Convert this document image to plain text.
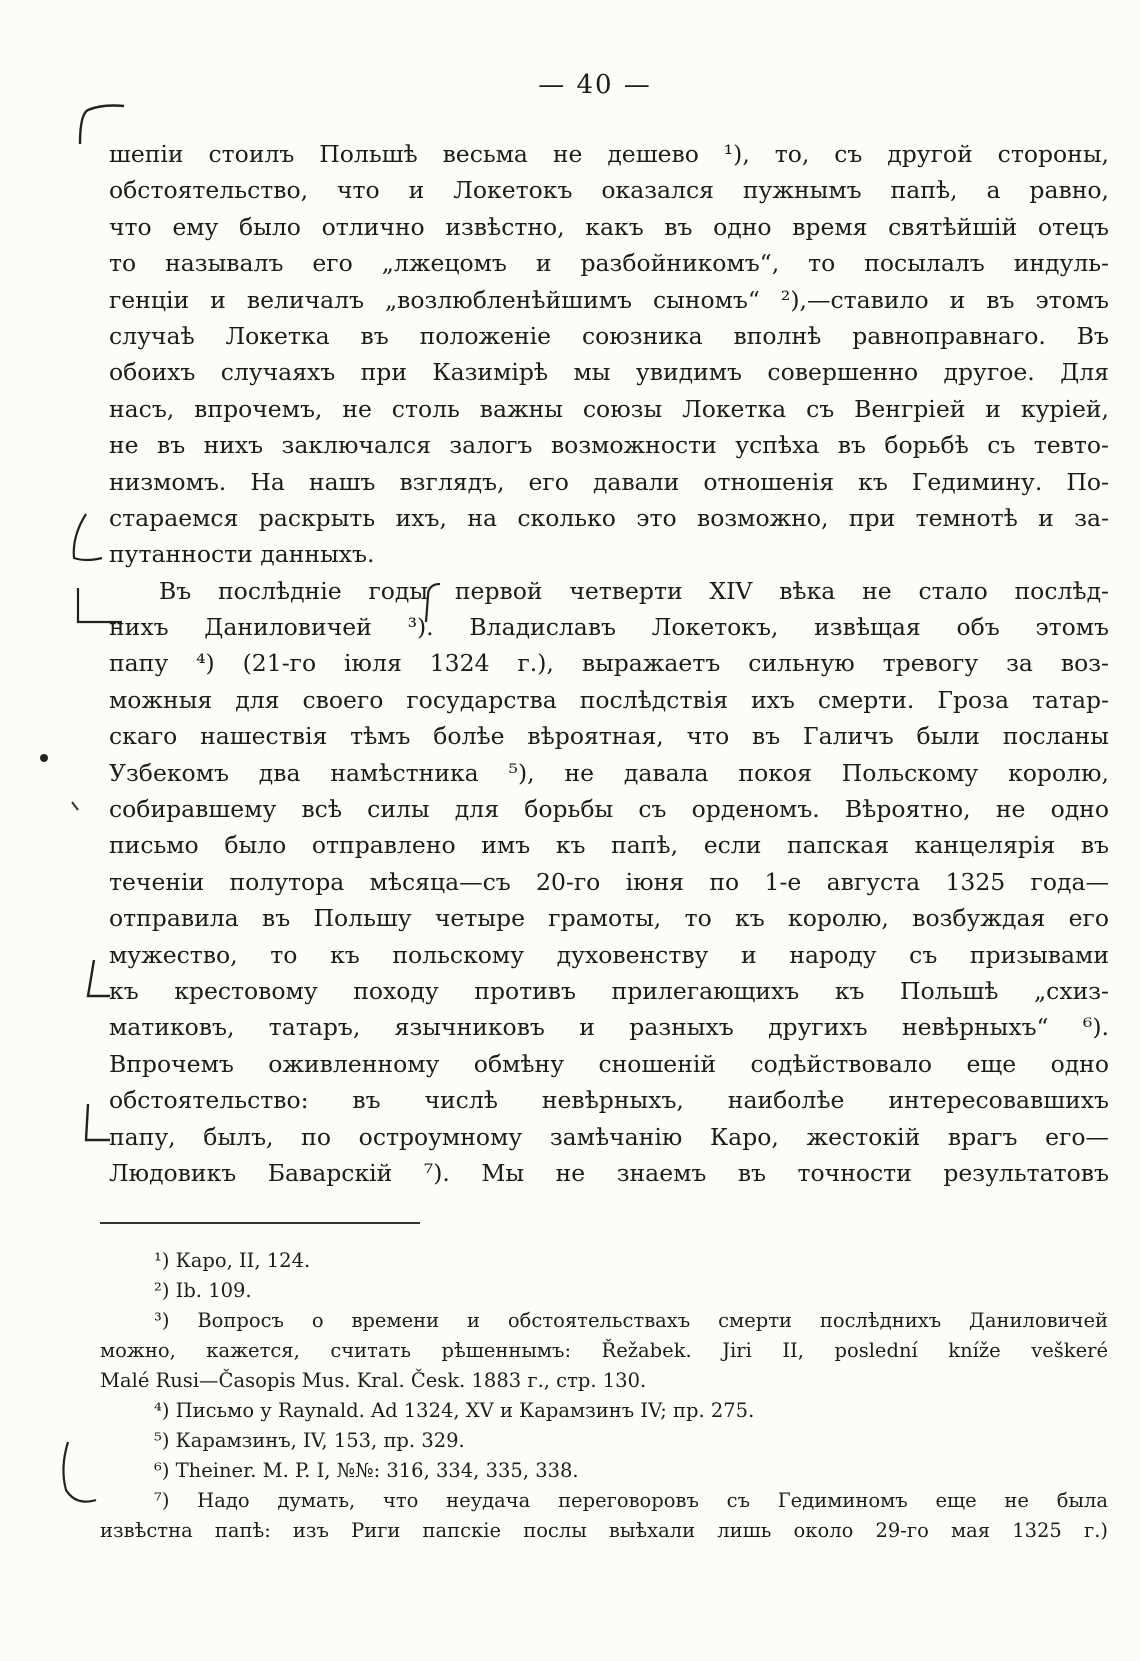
— 40 —
шепіи стоилъ Польшѣ весьма не дешево ¹), то, съ другой стороны,
обстоятельство, что и Локетокъ оказался пужнымъ папѣ, а равно,
что ему было отлично извѣстно, какъ въ одно время святѣйшій отецъ
то называлъ его „лжецомъ и разбойникомъ“, то посылалъ индуль-
генціи и величалъ „возлюбленѣйшимъ сыномъ“ ²),—ставило и въ этомъ
случаѣ Локетка въ положеніе союзника вполнѣ равноправнаго. Въ
обоихъ случаяхъ при Казимірѣ мы увидимъ совершенно другое. Для
насъ, впрочемъ, не столь важны союзы Локетка съ Венгріей и куріей,
не въ нихъ заключался залогъ возможности успѣха въ борьбѣ съ тевто-
низмомъ. На нашъ взглядъ, его давали отношенія къ Гедимину. По-
стараемся раскрыть ихъ, на сколько это возможно, при темнотѣ и за-
путанности данныхъ.
Въ послѣдніе годы первой четверти XIV вѣка не стало послѣд-
нихъ Даниловичей ³). Владиславъ Локетокъ, извѣщая объ этомъ
папу ⁴) (21-го іюля 1324 г.), выражаетъ сильную тревогу за воз-
можныя для своего государства послѣдствія ихъ смерти. Гроза татар-
скаго нашествія тѣмъ болѣе вѣроятная, что въ Галичъ были посланы
Узбекомъ два намѣстника ⁵), не давала покоя Польскому королю,
собиравшему всѣ силы для борьбы съ орденомъ. Вѣроятно, не одно
письмо было отправлено имъ къ папѣ, если папская канцелярія въ
теченіи полутора мѣсяца—съ 20-го іюня по 1-е августа 1325 года—
отправила въ Польшу четыре грамоты, то къ королю, возбуждая его
мужество, то къ польскому духовенству и народу съ призывами
къ крестовому походу противъ прилегающихъ къ Польшѣ „схиз-
матиковъ, татаръ, язычниковъ и разныхъ другихъ невѣрныхъ“ ⁶).
Впрочемъ оживленному обмѣну сношеній содѣйствовало еще одно
обстоятельство: въ числѣ невѣрныхъ, наиболѣе интересовавшихъ
папу, былъ, по остроумному замѣчанію Каро, жестокій врагъ его—
Людовикъ Баварскій ⁷). Мы не знаемъ въ точности результатовъ
¹) Каро, II, 124.
²) Ib. 109.
³) Вопросъ о времени и обстоятельствахъ смерти послѣднихъ Даниловичей
можно, кажется, считать рѣшеннымъ: Řežabek. Jiri II, poslední kníže veškeré
Malé Rusi—Časopis Mus. Kral. Česk. 1883 г., стр. 130.
⁴) Письмо у Raynald. Ad 1324, XV и Карамзинъ IV; пр. 275.
⁵) Карамзинъ, IV, 153, пр. 329.
⁶) Theiner. M. P. I, №№: 316, 334, 335, 338.
⁷) Надо думать, что неудача переговоровъ съ Гедиминомъ еще не была
извѣстна папѣ: изъ Риги папскіе послы выѣхали лишь около 29-го мая 1325 г.)
